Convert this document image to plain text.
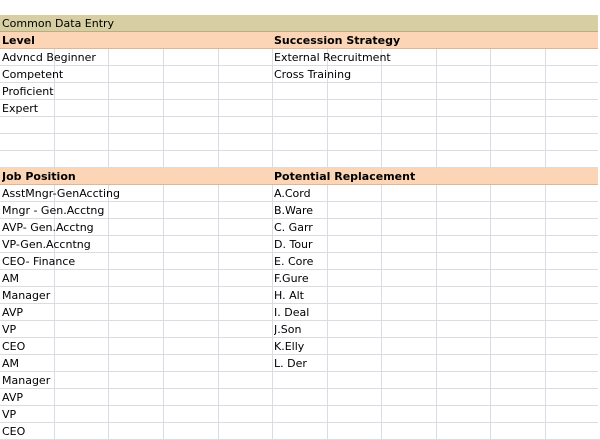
Common Data Entry
Level	Succession Strategy
Advncd Beginner	External Recruitment
Competent	Cross Training
Proficient
Expert
Job Position	Potential Replacement
AsstMngr-GenAccting	A.Cord
Mngr - Gen.Acctng	B.Ware
AVP- Gen.Acctng	C. Garr
VP-Gen.Accntng	D. Tour
CEO- Finance	E. Core
AM	F.Gure
Manager	H. Alt
AVP	I. Deal
VP	J.Son
CEO	K.Elly
AM	L. Der
Manager
AVP
VP
CEO
